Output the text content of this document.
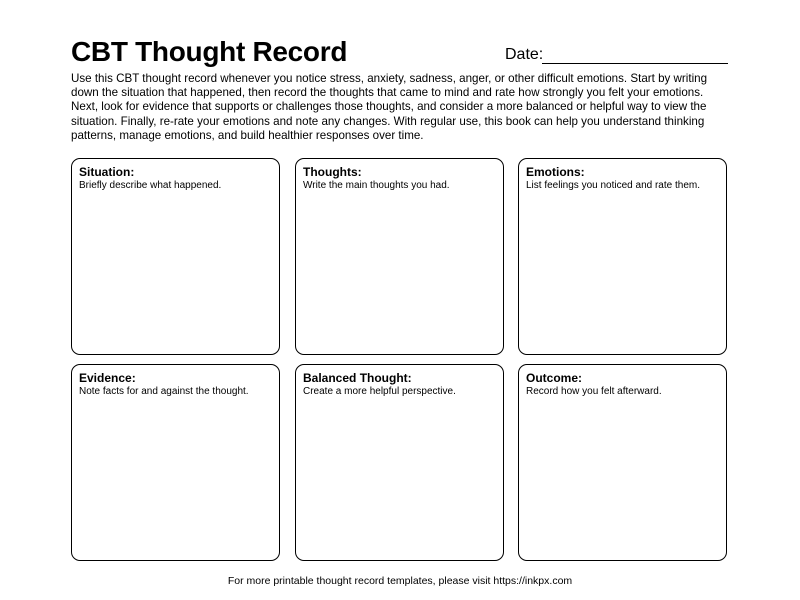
CBT Thought Record	Date:

Use this CBT thought record whenever you notice stress, anxiety, sadness, anger, or other difficult emotions. Start by writing down the situation that happened, then record the thoughts that came to mind and rate how strongly you felt your emotions. Next, look for evidence that supports or challenges those thoughts, and consider a more balanced or helpful way to view the situation. Finally, re-rate your emotions and note any changes. With regular use, this book can help you understand thinking patterns, manage emotions, and build healthier responses over time.

Situation:
Briefly describe what happened.
Thoughts:
Write the main thoughts you had.
Emotions:
List feelings you noticed and rate them.
Evidence:
Note facts for and against the thought.
Balanced Thought:
Create a more helpful perspective.
Outcome:
Record how you felt afterward.
For more printable thought record templates, please visit https://inkpx.com
